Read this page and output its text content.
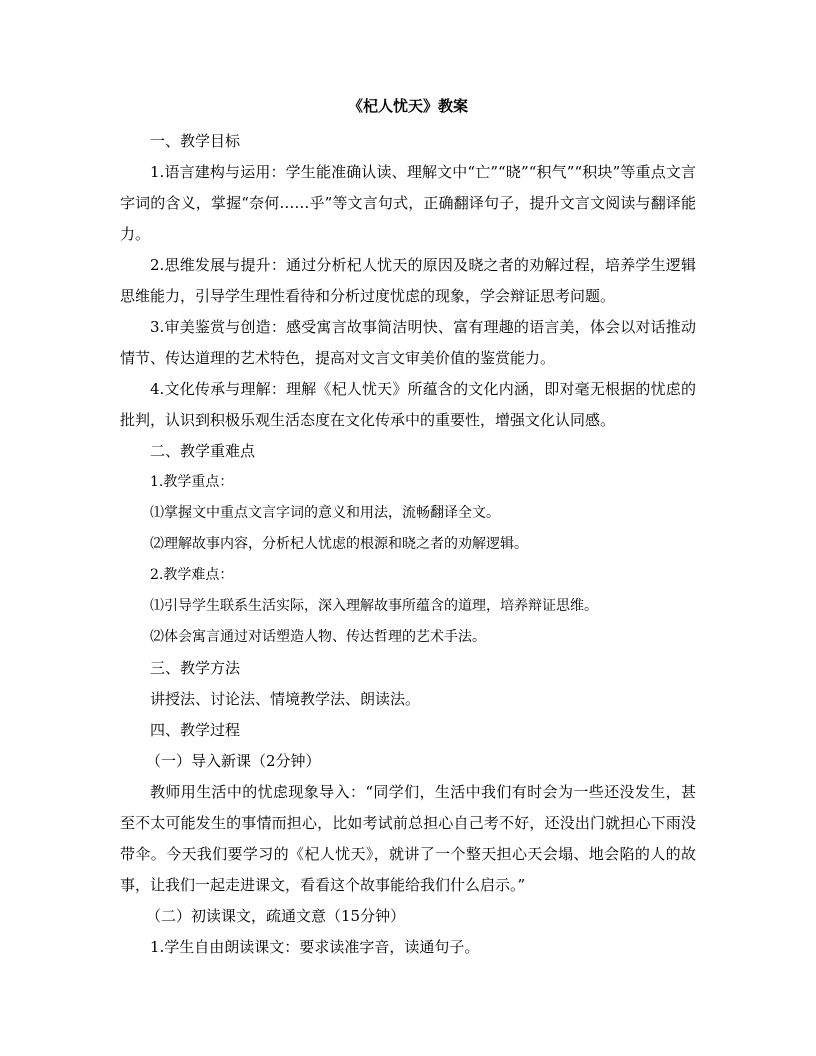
《杞人忧天》教案

一、教学目标

1.语言建构与运用：学生能准确认读、理解文中“亡”“晓”“积气”“积块”等重点文言字词的含义，掌握“奈何……乎”等文言句式，正确翻译句子，提升文言文阅读与翻译能力。

2.思维发展与提升：通过分析杞人忧天的原因及晓之者的劝解过程，培养学生逻辑思维能力，引导学生理性看待和分析过度忧虑的现象，学会辩证思考问题。

3.审美鉴赏与创造：感受寓言故事简洁明快、富有理趣的语言美，体会以对话推动情节、传达道理的艺术特色，提高对文言文审美价值的鉴赏能力。

4.文化传承与理解：理解《杞人忧天》所蕴含的文化内涵，即对毫无根据的忧虑的批判，认识到积极乐观生活态度在文化传承中的重要性，增强文化认同感。

二、教学重难点

1.教学重点：

⑴掌握文中重点文言字词的意义和用法，流畅翻译全文。

⑵理解故事内容，分析杞人忧虑的根源和晓之者的劝解逻辑。

2.教学难点：

⑴引导学生联系生活实际，深入理解故事所蕴含的道理，培养辩证思维。

⑵体会寓言通过对话塑造人物、传达哲理的艺术手法。

三、教学方法

讲授法、讨论法、情境教学法、朗读法。

四、教学过程

（一）导入新课（2分钟）

教师用生活中的忧虑现象导入：“同学们，生活中我们有时会为一些还没发生，甚至不太可能发生的事情而担心，比如考试前总担心自己考不好，还没出门就担心下雨没带伞。今天我们要学习的《杞人忧天》，就讲了一个整天担心天会塌、地会陷的人的故事，让我们一起走进课文，看看这个故事能给我们什么启示。”

（二）初读课文，疏通文意（15分钟）

1.学生自由朗读课文：要求读准字音，读通句子。
